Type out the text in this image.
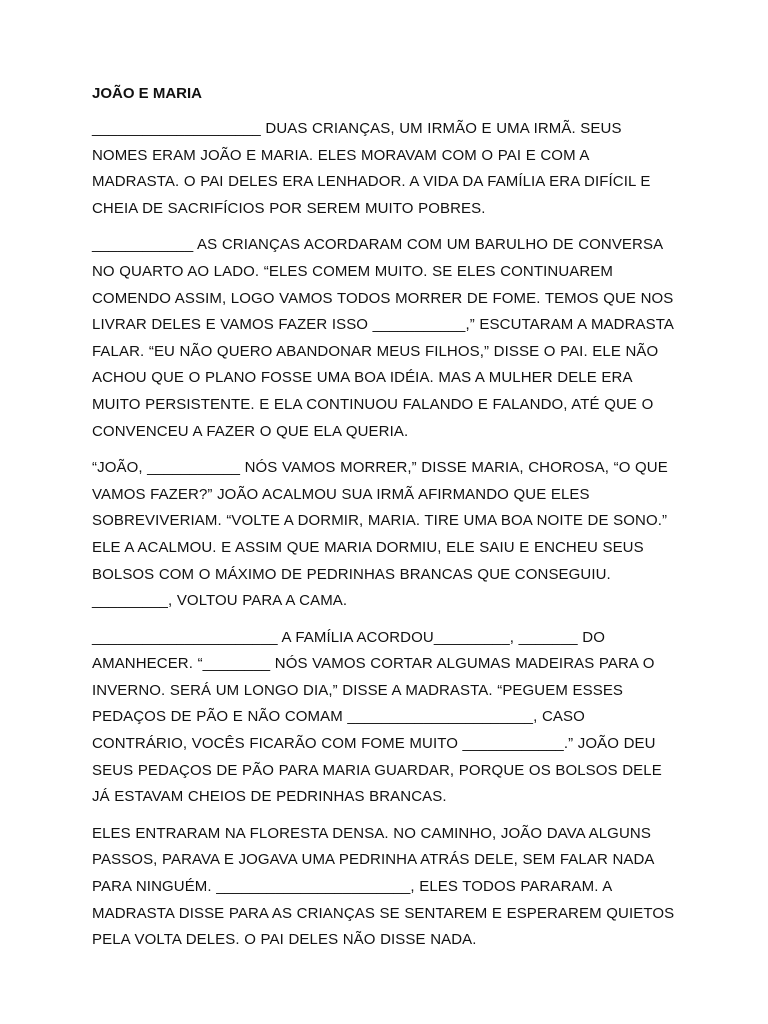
JOÃO E MARIA

____________________ DUAS CRIANÇAS, UM IRMÃO E UMA IRMÃ. SEUS NOMES ERAM JOÃO E MARIA. ELES MORAVAM COM O PAI E COM A MADRASTA. O PAI DELES ERA LENHADOR. A VIDA DA FAMÍLIA ERA DIFÍCIL E CHEIA DE SACRIFÍCIOS POR SEREM MUITO POBRES.

____________ AS CRIANÇAS ACORDARAM COM UM BARULHO DE CONVERSA NO QUARTO AO LADO. “ELES COMEM MUITO. SE ELES CONTINUAREM COMENDO ASSIM, LOGO VAMOS TODOS MORRER DE FOME. TEMOS QUE NOS LIVRAR DELES E VAMOS FAZER ISSO ___________,” ESCUTARAM A MADRASTA FALAR. “EU NÃO QUERO ABANDONAR MEUS FILHOS,” DISSE O PAI. ELE NÃO ACHOU QUE O PLANO FOSSE UMA BOA IDÉIA. MAS A MULHER DELE ERA MUITO PERSISTENTE. E ELA CONTINUOU FALANDO E FALANDO, ATÉ QUE O CONVENCEU A FAZER O QUE ELA QUERIA.

“JOÃO, ___________ NÓS VAMOS MORRER,” DISSE MARIA, CHOROSA, “O QUE VAMOS FAZER?” JOÃO ACALMOU SUA IRMÃ AFIRMANDO QUE ELES SOBREVIVERIAM. “VOLTE A DORMIR, MARIA. TIRE UMA BOA NOITE DE SONO.” ELE A ACALMOU. E ASSIM QUE MARIA DORMIU, ELE SAIU E ENCHEU SEUS BOLSOS COM O MÁXIMO DE PEDRINHAS BRANCAS QUE CONSEGUIU. _________, VOLTOU PARA A CAMA.

______________________ A FAMÍLIA ACORDOU_________, _______ DO AMANHECER. “________ NÓS VAMOS CORTAR ALGUMAS MADEIRAS PARA O INVERNO. SERÁ UM LONGO DIA,” DISSE A MADRASTA. “PEGUEM ESSES PEDAÇOS DE PÃO E NÃO COMAM ______________________, CASO CONTRÁRIO, VOCÊS FICARÃO COM FOME MUITO ____________.” JOÃO DEU SEUS PEDAÇOS DE PÃO PARA MARIA GUARDAR, PORQUE OS BOLSOS DELE JÁ ESTAVAM CHEIOS DE PEDRINHAS BRANCAS.

ELES ENTRARAM NA FLORESTA DENSA. NO CAMINHO, JOÃO DAVA ALGUNS PASSOS, PARAVA E JOGAVA UMA PEDRINHA ATRÁS DELE, SEM FALAR NADA PARA NINGUÉM. _______________________, ELES TODOS PARARAM. A MADRASTA DISSE PARA AS CRIANÇAS SE SENTAREM E ESPERAREM QUIETOS PELA VOLTA DELES. O PAI DELES NÃO DISSE NADA.
